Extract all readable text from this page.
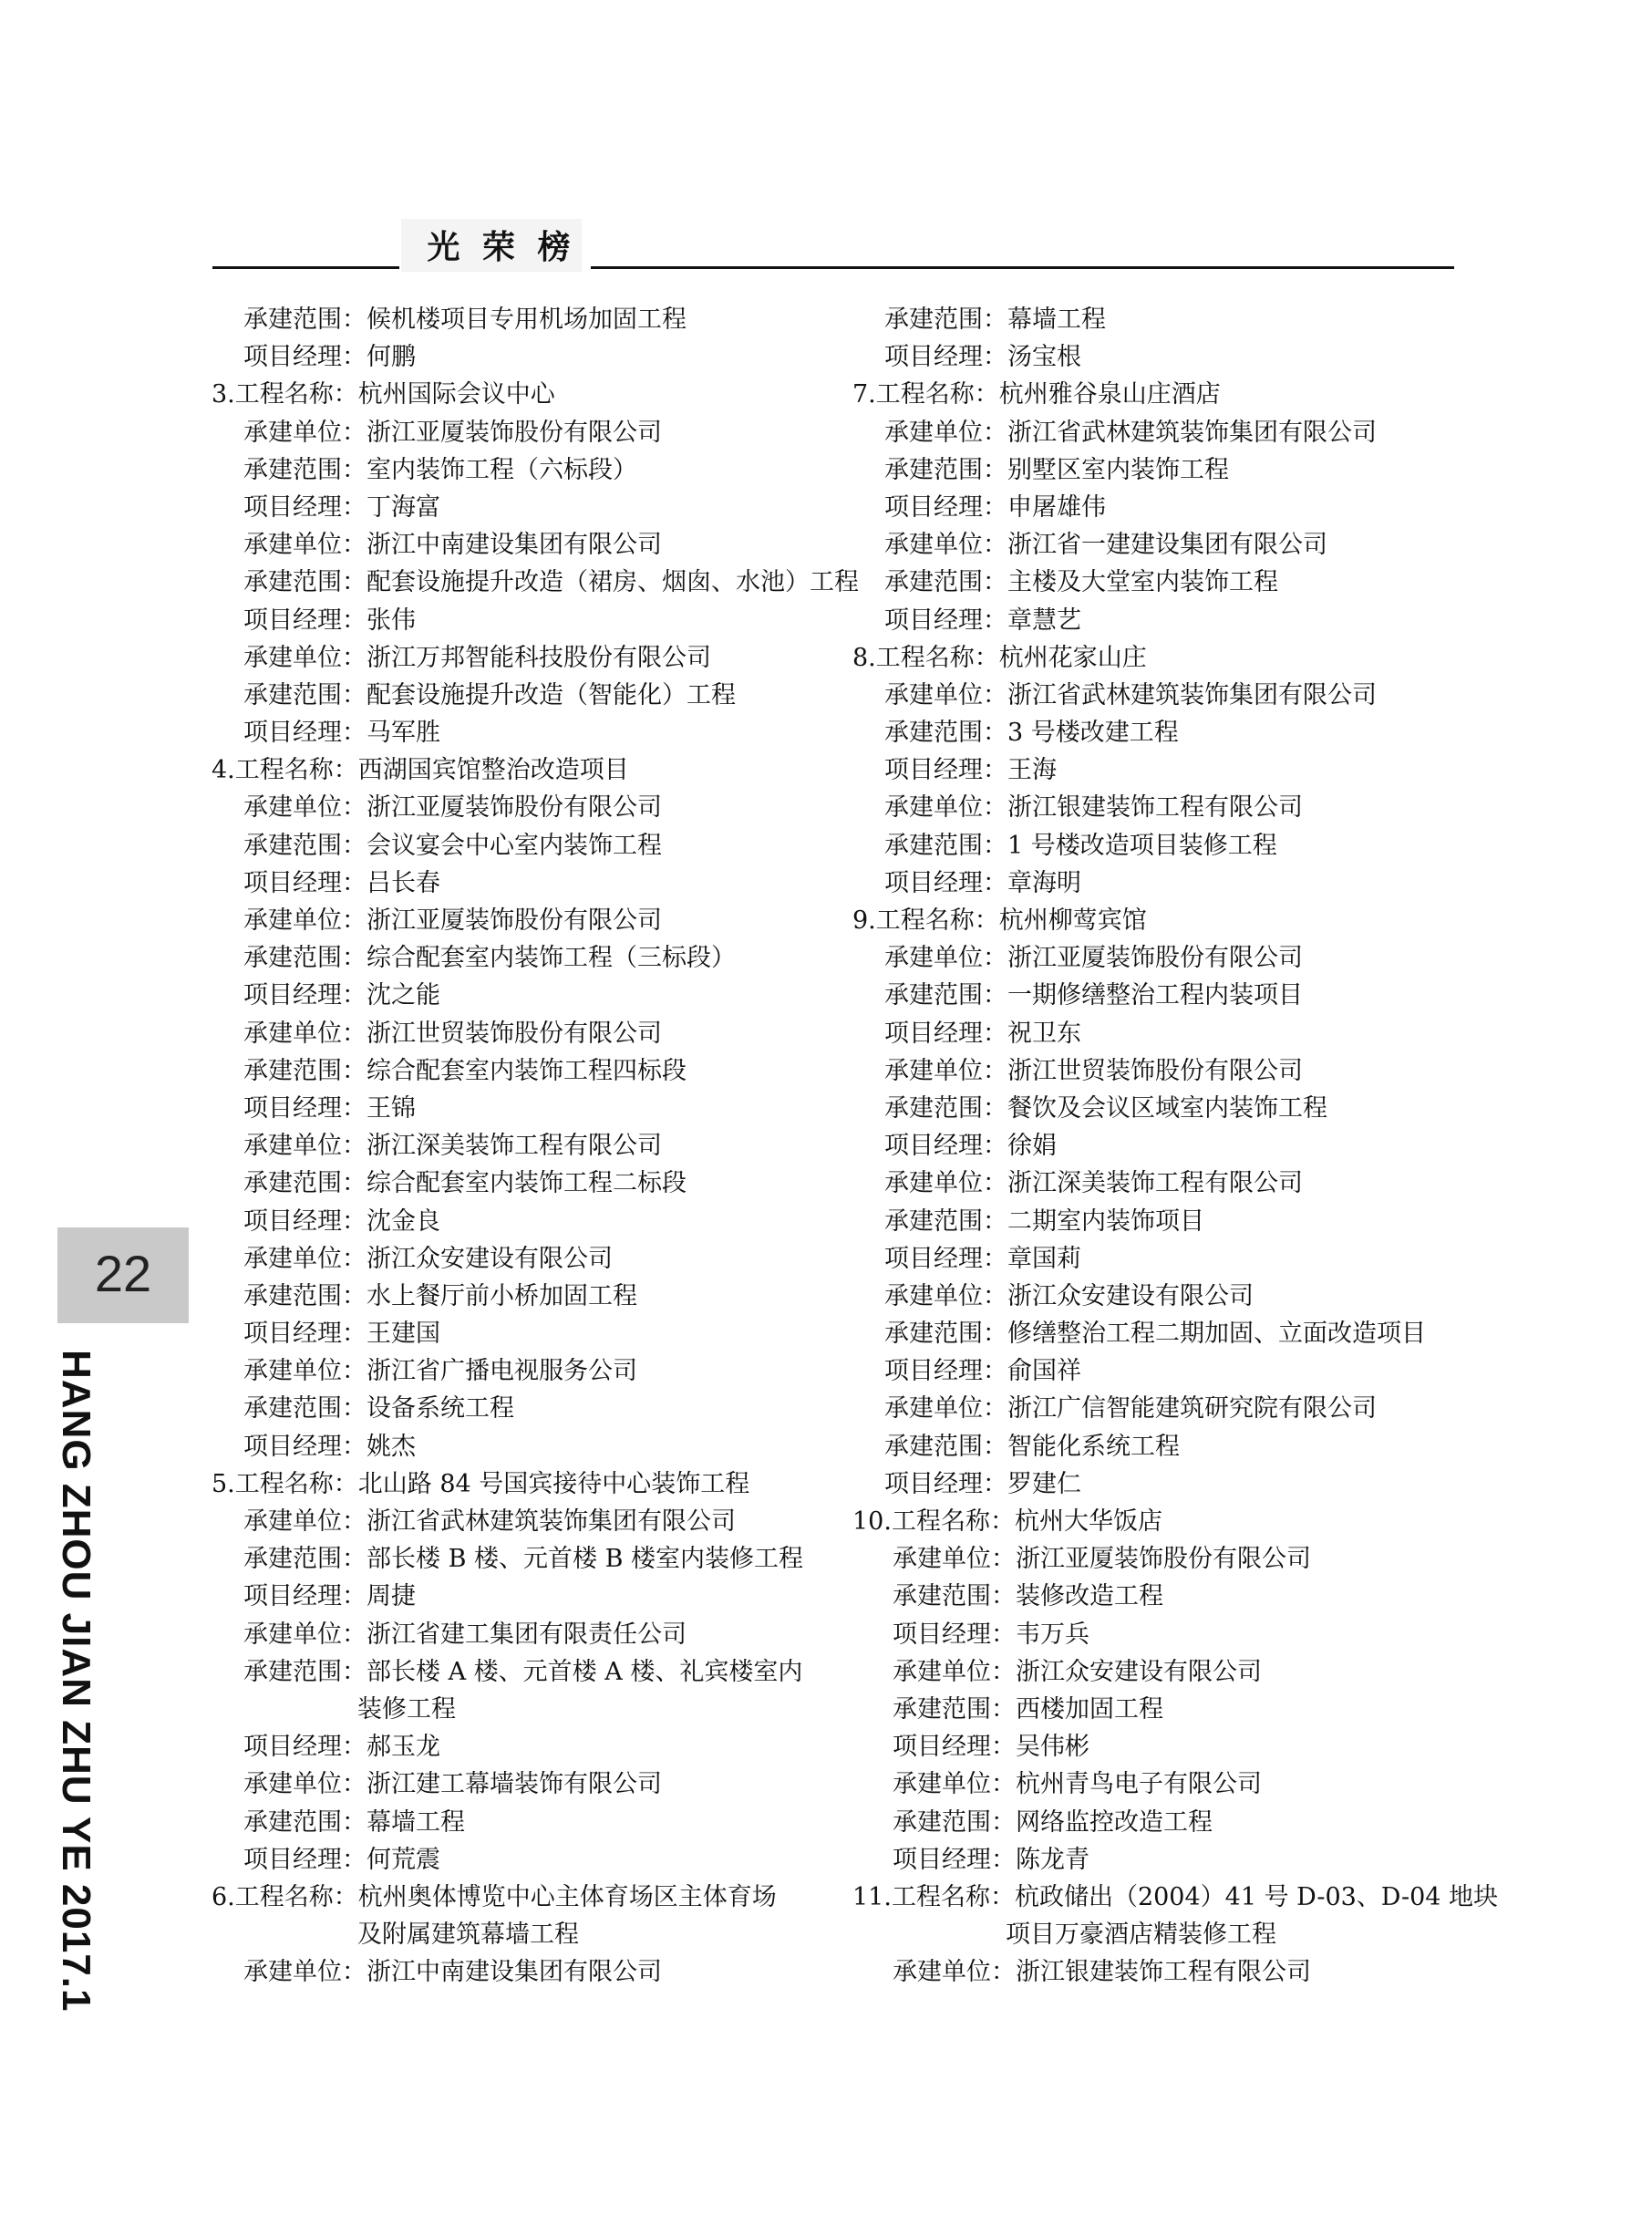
光 荣 榜
承建范围：候机楼项目专用机场加固工程
项目经理：何鹏
3.工程名称：杭州国际会议中心
承建单位：浙江亚厦装饰股份有限公司
承建范围：室内装饰工程（六标段）
项目经理：丁海富
承建单位：浙江中南建设集团有限公司
承建范围：配套设施提升改造（裙房、烟囱、水池）工程
项目经理：张伟
承建单位：浙江万邦智能科技股份有限公司
承建范围：配套设施提升改造（智能化）工程
项目经理：马军胜
4.工程名称：西湖国宾馆整治改造项目
承建单位：浙江亚厦装饰股份有限公司
承建范围：会议宴会中心室内装饰工程
项目经理：吕长春
承建单位：浙江亚厦装饰股份有限公司
承建范围：综合配套室内装饰工程（三标段）
项目经理：沈之能
承建单位：浙江世贸装饰股份有限公司
承建范围：综合配套室内装饰工程四标段
项目经理：王锦
承建单位：浙江深美装饰工程有限公司
承建范围：综合配套室内装饰工程二标段
项目经理：沈金良
承建单位：浙江众安建设有限公司
承建范围：水上餐厅前小桥加固工程
项目经理：王建国
承建单位：浙江省广播电视服务公司
承建范围：设备系统工程
项目经理：姚杰
5.工程名称：北山路 84 号国宾接待中心装饰工程
承建单位：浙江省武林建筑装饰集团有限公司
承建范围：部长楼 B 楼、元首楼 B 楼室内装修工程
项目经理：周捷
承建单位：浙江省建工集团有限责任公司
承建范围：部长楼 A 楼、元首楼 A 楼、礼宾楼室内
装修工程
项目经理：郝玉龙
承建单位：浙江建工幕墙装饰有限公司
承建范围：幕墙工程
项目经理：何荒震
6.工程名称：杭州奥体博览中心主体育场区主体育场
及附属建筑幕墙工程
承建单位：浙江中南建设集团有限公司
承建范围：幕墙工程
项目经理：汤宝根
7.工程名称：杭州雅谷泉山庄酒店
承建单位：浙江省武林建筑装饰集团有限公司
承建范围：别墅区室内装饰工程
项目经理：申屠雄伟
承建单位：浙江省一建建设集团有限公司
承建范围：主楼及大堂室内装饰工程
项目经理：章慧艺
8.工程名称：杭州花家山庄
承建单位：浙江省武林建筑装饰集团有限公司
承建范围：3 号楼改建工程
项目经理：王海
承建单位：浙江银建装饰工程有限公司
承建范围：1 号楼改造项目装修工程
项目经理：章海明
9.工程名称：杭州柳莺宾馆
承建单位：浙江亚厦装饰股份有限公司
承建范围：一期修缮整治工程内装项目
项目经理：祝卫东
承建单位：浙江世贸装饰股份有限公司
承建范围：餐饮及会议区域室内装饰工程
项目经理：徐娟
承建单位：浙江深美装饰工程有限公司
承建范围：二期室内装饰项目
项目经理：章国莉
承建单位：浙江众安建设有限公司
承建范围：修缮整治工程二期加固、立面改造项目
项目经理：俞国祥
承建单位：浙江广信智能建筑研究院有限公司
承建范围：智能化系统工程
项目经理：罗建仁
10.工程名称：杭州大华饭店
承建单位：浙江亚厦装饰股份有限公司
承建范围：装修改造工程
项目经理：韦万兵
承建单位：浙江众安建设有限公司
承建范围：西楼加固工程
项目经理：吴伟彬
承建单位：杭州青鸟电子有限公司
承建范围：网络监控改造工程
项目经理：陈龙青
11.工程名称：杭政储出（2004）41 号 D-03、D-04 地块
项目万豪酒店精装修工程
承建单位：浙江银建装饰工程有限公司
22
HANG ZHOU JIAN ZHU YE 2017.1
